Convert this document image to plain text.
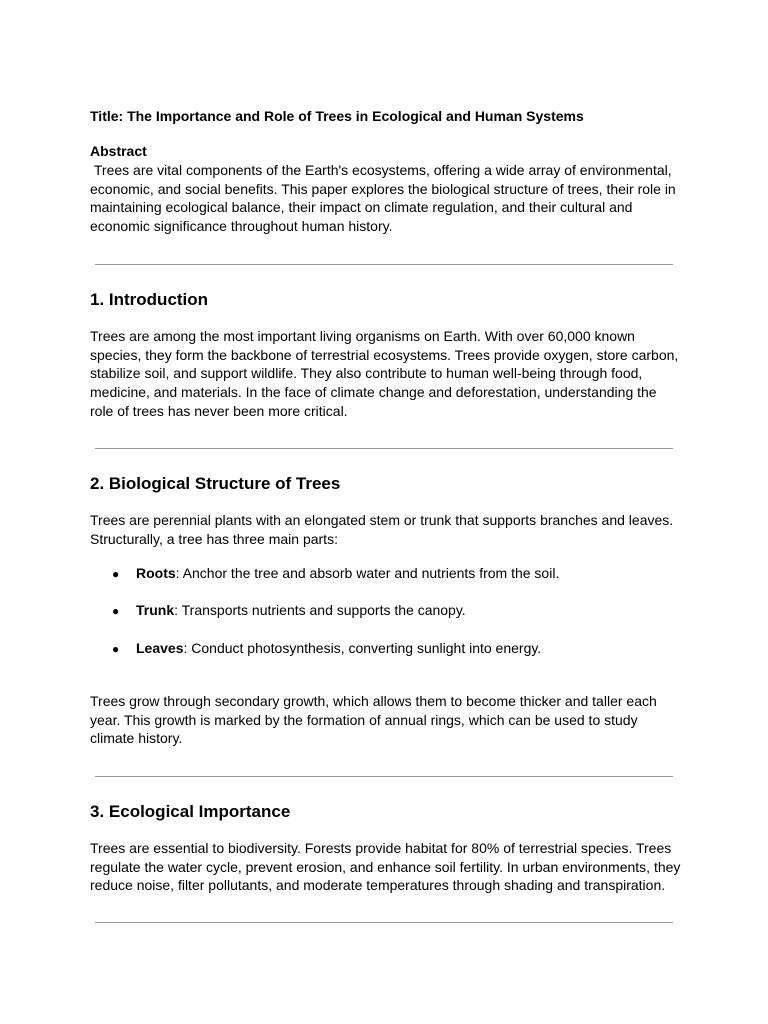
Title: The Importance and Role of Trees in Ecological and Human Systems
Abstract
Trees are vital components of the Earth's ecosystems, offering a wide array of environmental, economic, and social benefits. This paper explores the biological structure of trees, their role in maintaining ecological balance, their impact on climate regulation, and their cultural and economic significance throughout human history.
1. Introduction
Trees are among the most important living organisms on Earth. With over 60,000 known species, they form the backbone of terrestrial ecosystems. Trees provide oxygen, store carbon, stabilize soil, and support wildlife. They also contribute to human well-being through food, medicine, and materials. In the face of climate change and deforestation, understanding the role of trees has never been more critical.
2. Biological Structure of Trees
Trees are perennial plants with an elongated stem or trunk that supports branches and leaves. Structurally, a tree has three main parts:
● Roots: Anchor the tree and absorb water and nutrients from the soil.
● Trunk: Transports nutrients and supports the canopy.
● Leaves: Conduct photosynthesis, converting sunlight into energy.
Trees grow through secondary growth, which allows them to become thicker and taller each year. This growth is marked by the formation of annual rings, which can be used to study climate history.
3. Ecological Importance
Trees are essential to biodiversity. Forests provide habitat for 80% of terrestrial species. Trees regulate the water cycle, prevent erosion, and enhance soil fertility. In urban environments, they reduce noise, filter pollutants, and moderate temperatures through shading and transpiration.
